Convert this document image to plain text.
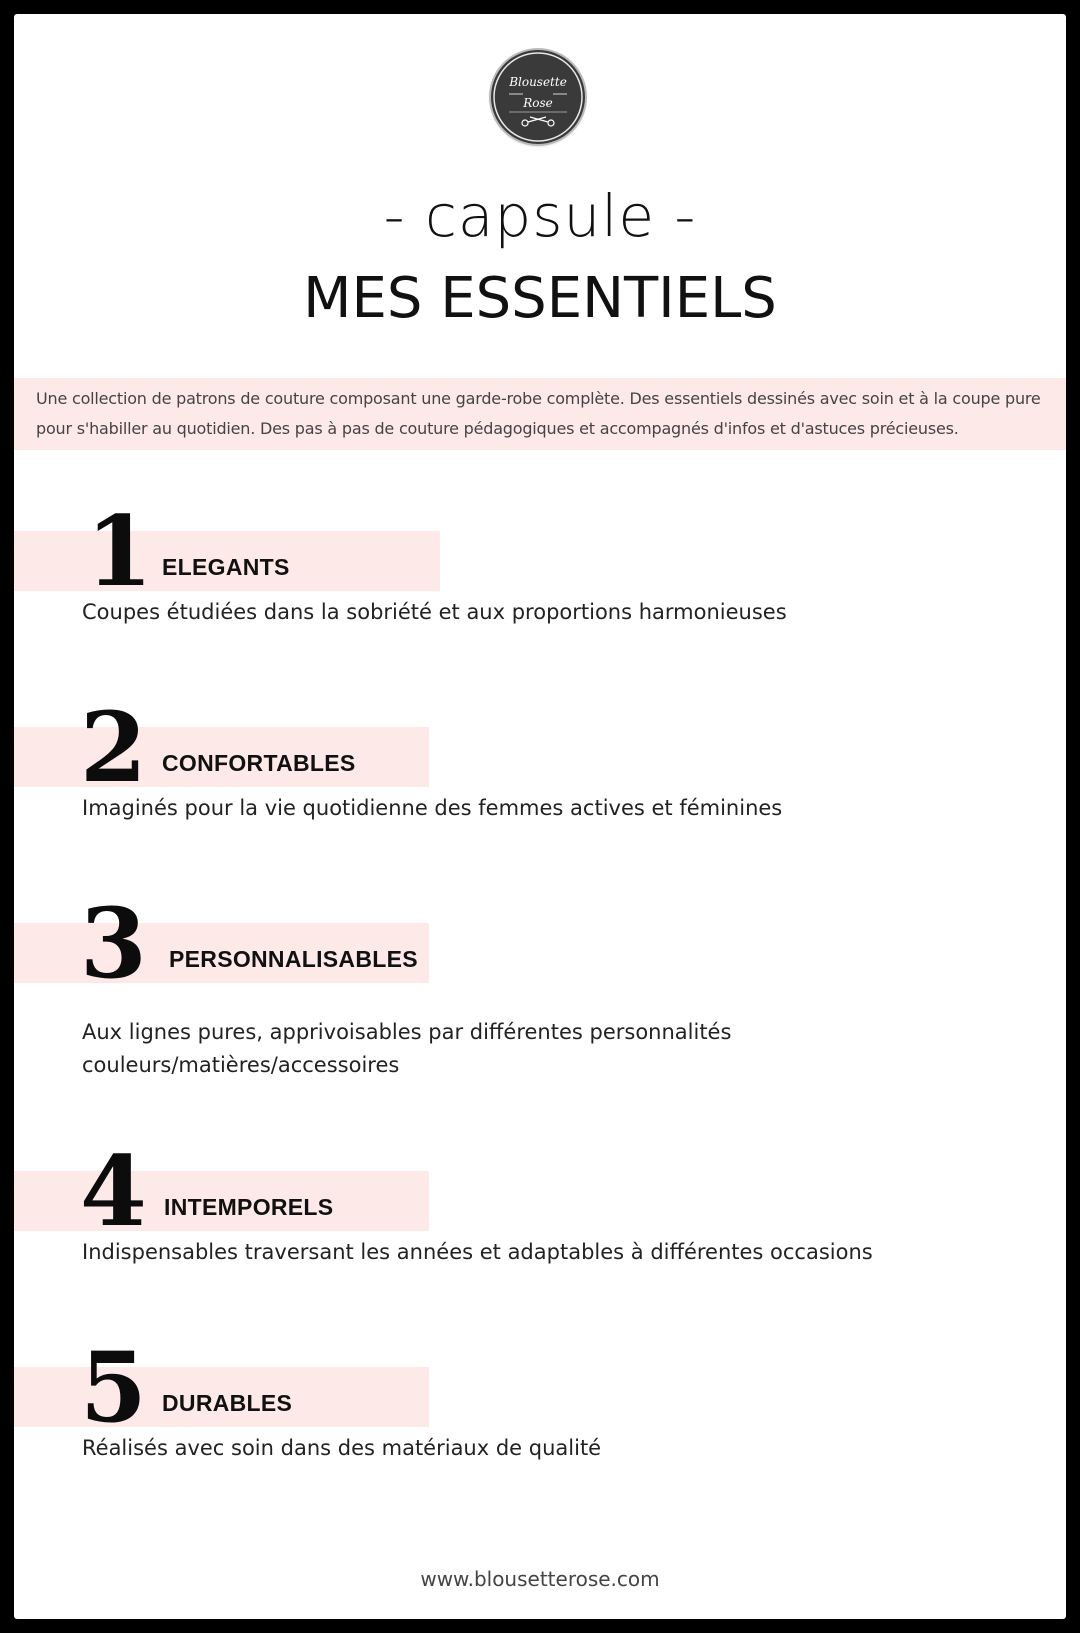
Blousette
Rose
- capsule -
MES ESSENTIELS
Une collection de patrons de couture composant une garde-robe complète. Des essentiels dessinés avec soin et à la coupe pure pour s'habiller au quotidien. Des pas à pas de couture pédagogiques et accompagnés d'infos et d'astuces précieuses.
1 ELEGANTS
Coupes étudiées dans la sobriété et aux proportions harmonieuses
2 CONFORTABLES
Imaginés pour la vie quotidienne des femmes actives et féminines
3 PERSONNALISABLES
Aux lignes pures, apprivoisables par différentes personnalités couleurs/matières/accessoires
4 INTEMPORELS
Indispensables traversant les années et adaptables à différentes occasions
5 DURABLES
Réalisés avec soin dans des matériaux de qualité
www.blousetterose.com
